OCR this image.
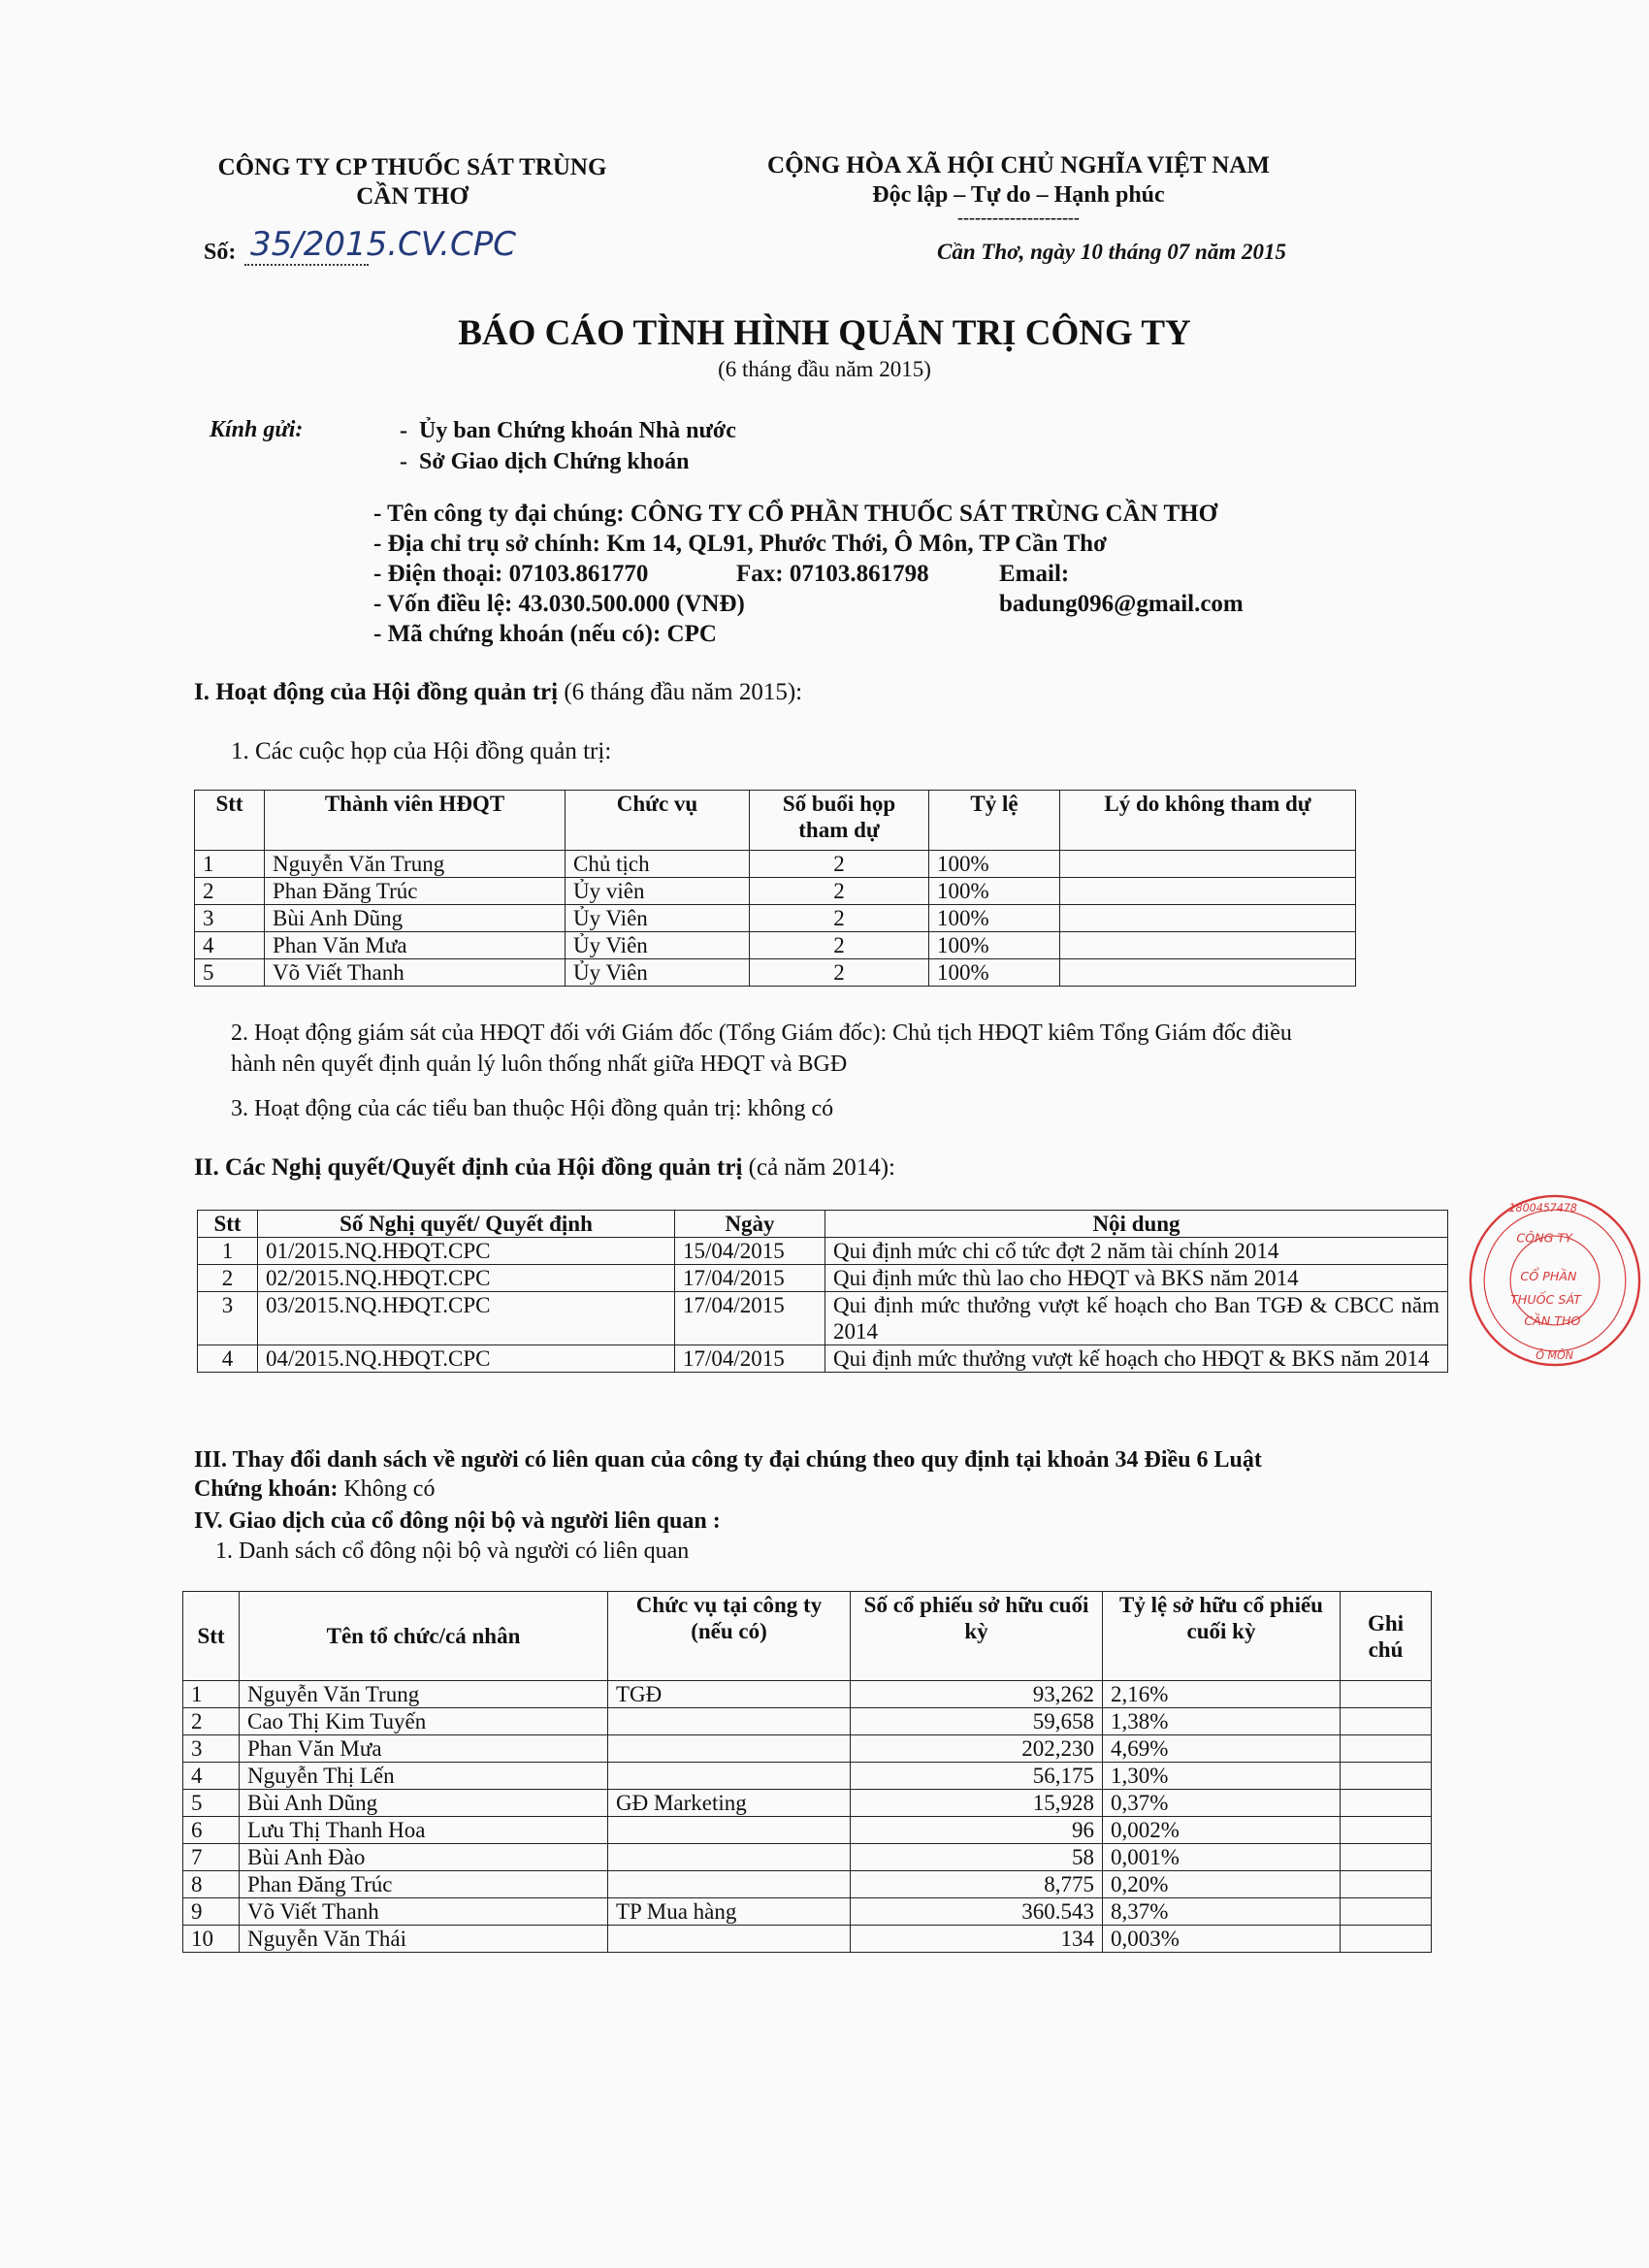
CÔNG TY CP THUỐC SÁT TRÙNG
CẦN THƠ
CỘNG HÒA XÃ HỘI CHỦ NGHĨA VIỆT NAM
Độc lập – Tự do – Hạnh phúc
---------------------
Số: 35/2015.CV.CPC	Cần Thơ, ngày 10 tháng 07 năm 2015
BÁO CÁO TÌNH HÌNH QUẢN TRỊ CÔNG TY
(6 tháng đầu năm 2015)
Kính gửi:	-  Ủy ban Chứng khoán Nhà nước
-  Sở Giao dịch Chứng khoán
- Tên công ty đại chúng: CÔNG TY CỔ PHẦN THUỐC SÁT TRÙNG CẦN THƠ
- Địa chỉ trụ sở chính: Km 14, QL91, Phước Thới, Ô Môn, TP Cần Thơ
- Điện thoại: 07103.861770	Fax: 07103.861798	Email: badung096@gmail.com
- Vốn điều lệ: 43.030.500.000 (VNĐ)
- Mã chứng khoán (nếu có): CPC
I. Hoạt động của Hội đồng quản trị (6 tháng đầu năm 2015):
1. Các cuộc họp của Hội đồng quản trị:
Stt	Thành viên HĐQT	Chức vụ	Số buổi họp tham dự	Tỷ lệ	Lý do không tham dự
1	Nguyễn Văn Trung	Chủ tịch	2	100%	
2	Phan Đăng Trúc	Ủy viên	2	100%	
3	Bùi Anh Dũng	Ủy Viên	2	100%	
4	Phan Văn Mưa	Ủy Viên	2	100%	
5	Võ Viết Thanh	Ủy Viên	2	100%	
2. Hoạt động giám sát của HĐQT đối với Giám đốc (Tổng Giám đốc): Chủ tịch HĐQT kiêm Tổng Giám đốc điều
hành nên quyết định quản lý luôn thống nhất giữa HĐQT và BGĐ
3. Hoạt động của các tiểu ban thuộc Hội đồng quản trị: không có
II. Các Nghị quyết/Quyết định của Hội đồng quản trị (cả năm 2014):
Stt	Số Nghị quyết/ Quyết định	Ngày	Nội dung
1	01/2015.NQ.HĐQT.CPC	15/04/2015	Qui định mức chi cổ tức đợt 2 năm tài chính 2014
2	02/2015.NQ.HĐQT.CPC	17/04/2015	Qui định mức thù lao cho HĐQT và BKS năm 2014
3	03/2015.NQ.HĐQT.CPC	17/04/2015	Qui định mức thưởng vượt kế hoạch cho Ban TGĐ & CBCC năm 2014
4	04/2015.NQ.HĐQT.CPC	17/04/2015	Qui định mức thưởng vượt kế hoạch cho HĐQT & BKS năm 2014
III. Thay đổi danh sách về người có liên quan của công ty đại chúng theo quy định tại khoản 34 Điều 6 Luật
Chứng khoán: Không có
IV. Giao dịch của cổ đông nội bộ và người liên quan :
1. Danh sách cổ đông nội bộ và người có liên quan
Stt	Tên tổ chức/cá nhân	Chức vụ tại công ty (nếu có)	Số cổ phiếu sở hữu cuối kỳ	Tỷ lệ sở hữu cổ phiếu cuối kỳ	Ghi chú
1	Nguyễn Văn Trung	TGĐ	93,262	2,16%	
2	Cao Thị Kim Tuyến		59,658	1,38%	
3	Phan Văn Mưa		202,230	4,69%	
4	Nguyễn Thị Lến		56,175	1,30%	
5	Bùi Anh Dũng	GĐ Marketing	15,928	0,37%	
6	Lưu Thị Thanh Hoa		96	0,002%	
7	Bùi Anh Đào		58	0,001%	
8	Phan Đăng Trúc		8,775	0,20%	
9	Võ Viết Thanh	TP Mua hàng	360.543	8,37%	
10	Nguyễn Văn Thái		134	0,003%	
CÔNG TY
CỔ PHẦN
THUỐC SÁT
CẦN THƠ
Ô MÔN
1800457478
